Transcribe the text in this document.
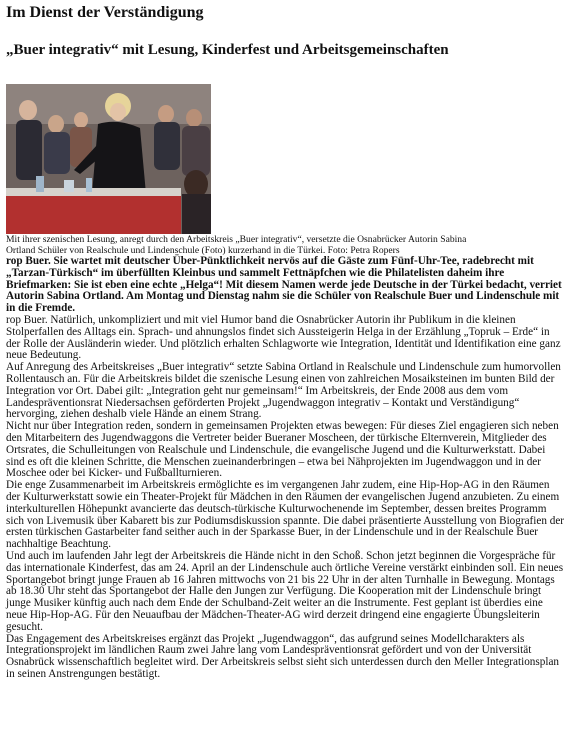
Im Dienst der Verständigung
„Buer integrativ“ mit Lesung, Kinderfest und Arbeitsgemeinschaften
Mit ihrer szenischen Lesung, anregt durch den Arbeitskreis „Buer integrativ“, versetzte die Osnabrücker Autorin Sabina Ortland Schüler von Realschule und Lindenschule (Foto) kurzerhand in die Türkei. Foto: Petra Ropers

rop Buer. Sie wartet mit deutscher Über-Pünktlichkeit nervös auf die Gäste zum Fünf-Uhr-Tee, radebrecht mit „Tarzan-Türkisch“ im überfüllten Kleinbus und sammelt Fettnäpfchen wie die Philatelisten daheim ihre Briefmarken: Sie ist eben eine echte „Helga“! Mit diesem Namen werde jede Deutsche in der Türkei bedacht, verriet Autorin Sabina Ortland. Am Montag und Dienstag nahm sie die Schüler von Realschule Buer und Lindenschule mit in die Fremde.

rop Buer. Natürlich, unkompliziert und mit viel Humor band die Osnabrücker Autorin ihr Publikum in die kleinen Stolperfallen des Alltags ein. Sprach- und ahnungslos findet sich Aussteigerin Helga in der Erzählung „Topruk – Erde“ in der Rolle der Ausländerin wieder. Und plötzlich erhalten Schlagworte wie Integration, Identität und Identifikation eine ganz neue Bedeutung.

Auf Anregung des Arbeitskreises „Buer integrativ“ setzte Sabina Ortland in Realschule und Lindenschule zum humorvollen Rollentausch an. Für die Arbeitskreis bildet die szenische Lesung einen von zahlreichen Mosaiksteinen im bunten Bild der Integration vor Ort. Dabei gilt: „Integration geht nur gemeinsam!“ Im Arbeitskreis, der Ende 2008 aus dem vom Landespräventionsrat Niedersachsen geförderten Projekt „Jugendwaggon integrativ – Kontakt und Verständigung“ hervorging, ziehen deshalb viele Hände an einem Strang.

Nicht nur über Integration reden, sondern in gemeinsamen Projekten etwas bewegen: Für dieses Ziel engagieren sich neben den Mitarbeitern des Jugendwaggons die Vertreter beider Bueraner Moscheen, der türkische Elternverein, Mitglieder des Ortsrates, die Schulleitungen von Realschule und Lindenschule, die evangelische Jugend und die Kulturwerkstatt. Dabei sind es oft die kleinen Schritte, die Menschen zueinanderbringen – etwa bei Nähprojekten im Jugendwaggon und in der Moschee oder bei Kicker- und Fußballturnieren.

Die enge Zusammenarbeit im Arbeitskreis ermöglichte es im vergangenen Jahr zudem, eine Hip-Hop-AG in den Räumen der Kulturwerkstatt sowie ein Theater-Projekt für Mädchen in den Räumen der evangelischen Jugend anzubieten. Zu einem interkulturellen Höhepunkt avancierte das deutsch-türkische Kulturwochenende im September, dessen breites Programm sich von Livemusik über Kabarett bis zur Podiumsdiskussion spannte. Die dabei präsentierte Ausstellung von Biografien der ersten türkischen Gastarbeiter fand seither auch in der Sparkasse Buer, in der Lindenschule und in der Realschule Buer nachhaltige Beachtung.

Und auch im laufenden Jahr legt der Arbeitskreis die Hände nicht in den Schoß. Schon jetzt beginnen die Vorgespräche für das internationale Kinderfest, das am 24. April an der Lindenschule auch örtliche Vereine verstärkt einbinden soll. Ein neues Sportangebot bringt junge Frauen ab 16 Jahren mittwochs von 21 bis 22 Uhr in der alten Turnhalle in Bewegung. Montags ab 18.30 Uhr steht das Sportangebot der Halle den Jungen zur Verfügung. Die Kooperation mit der Lindenschule bringt junge Musiker künftig auch nach dem Ende der Schulband-Zeit weiter an die Instrumente. Fest geplant ist überdies eine neue Hip-Hop-AG. Für den Neuaufbau der Mädchen-Theater-AG wird derzeit dringend eine engagierte Übungsleiterin gesucht.

Das Engagement des Arbeitskreises ergänzt das Projekt „Jugendwaggon“, das aufgrund seines Modellcharakters als Integrationsprojekt im ländlichen Raum zwei Jahre lang vom Landespräventionsrat gefördert und von der Universität Osnabrück wissenschaftlich begleitet wird. Der Arbeitskreis selbst sieht sich unterdessen durch den Meller Integrationsplan in seinen Anstrengungen bestätigt.
